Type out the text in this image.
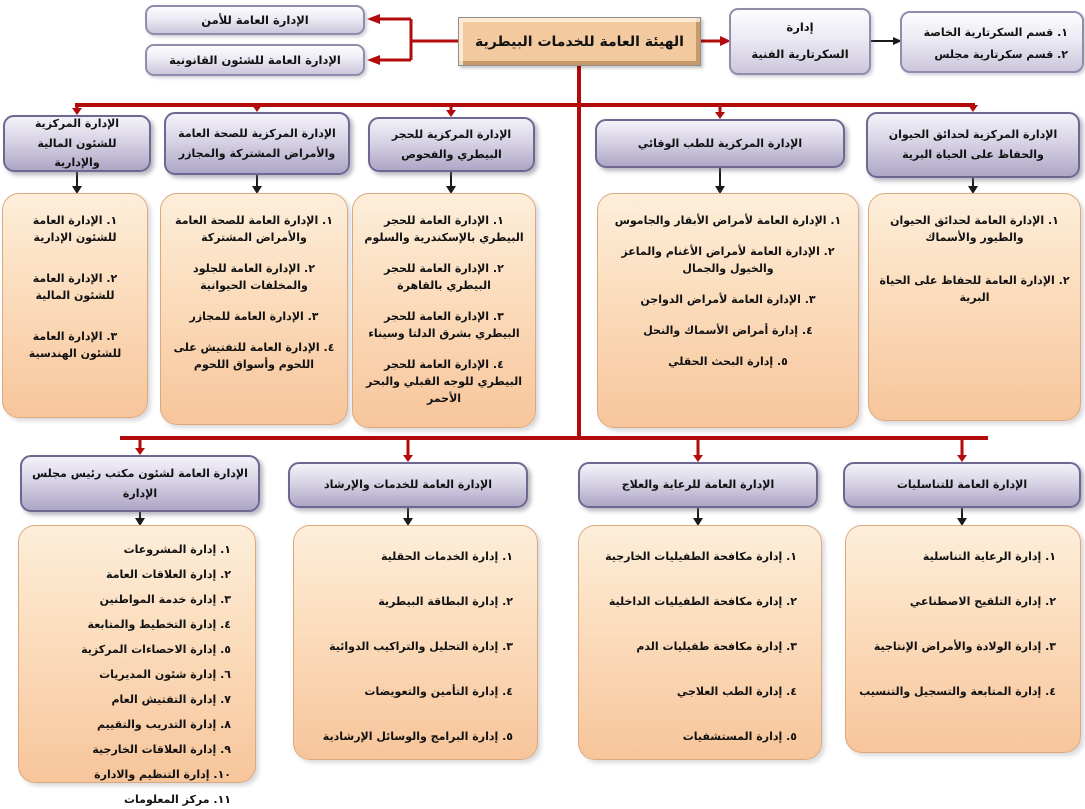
الإدارة العامة للأمن
الإدارة العامة للشئون القانونية
الهيئة العامة للخدمات البيطرية
إدارة
السكرتارية الفنية
١. قسم السكرتارية الخاصة
٢. قسم سكرتارية مجلس
الإدارة المركزية للشئون المالية والإدارية
الإدارة المركزية للصحة العامة والأمراض المشتركة والمجازر
الإدارة المركزية للحجر البيطري والفحوص
الإدارة المركزية للطب الوقائي
الإدارة المركزية لحدائق الحيوان والحفاظ على الحياة البرية
١. الإدارة العامة للشئون الإدارية
٢. الإدارة العامة للشئون المالية
٣. الإدارة العامة للشئون الهندسية
١. الإدارة العامة للصحة العامة والأمراض المشتركة
٢. الإدارة العامة للجلود والمخلفات الحيوانية
٣. الإدارة العامة للمجازر
٤. الإدارة العامة للتفتيش على اللحوم وأسواق اللحوم
١. الإدارة العامة للحجر البيطري بالإسكندرية والسلوم
٢. الإدارة العامة للحجر البيطري بالقاهرة
٣. الإدارة العامة للحجر البيطري بشرق الدلتا وسيناء
٤. الإدارة العامة للحجر البيطري للوجه القبلي والبحر الأحمر
١. الإدارة العامة لأمراض الأبقار والجاموس
٢. الإدارة العامة لأمراض الأغنام والماعز والخيول والجمال
٣. الإدارة العامة لأمراض الدواجن
٤. إدارة أمراض الأسماك والنحل
٥. إدارة البحث الحقلي
١. الإدارة العامة لحدائق الحيوان والطيور والأسماك
٢. الإدارة العامة للحفاظ على الحياة البرية
الإدارة العامة لشئون مكتب رئيس مجلس الإدارة
الإدارة العامة للخدمات والإرشاد	الإدارة العامة للرعاية والعلاج	الإدارة العامة للتناسليات
١. إدارة المشروعات
٢. إدارة العلاقات العامة
٣. إدارة خدمة المواطنين
٤. إدارة التخطيط والمتابعة
٥. إدارة الاحصاءات المركزية
٦. إدارة شئون المديريات
٧. إدارة التفتيش العام
٨. إدارة التدريب والتقييم
٩. إدارة العلاقات الخارجية
١٠. إدارة التنظيم والادارة
١١. مركز المعلومات
١. إدارة الخدمات الحقلية
٢. إدارة البطاقة البيطرية
٣. إدارة التحليل والتراكيب الدوائية
٤. إدارة التأمين والتعويضات
٥. إدارة البرامج والوسائل الإرشادية
١. إدارة مكافحة الطفيليات الخارجية
٢. إدارة مكافحة الطفيليات الداخلية
٣. إدارة مكافحة طفيليات الدم
٤. إدارة الطب العلاجي
٥. إدارة المستشفيات
١. إدارة الرعاية التناسلية
٢. إدارة التلقيح الاصطناعي
٣. إدارة الولادة والأمراض الإنتاجية
٤. إدارة المتابعة والتسجيل والتنسيب
